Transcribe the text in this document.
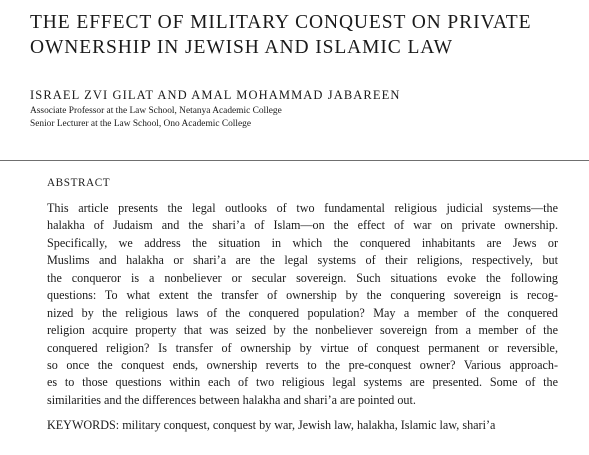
THE EFFECT OF MILITARY CONQUEST ON PRIVATE
OWNERSHIP IN JEWISH AND ISLAMIC LAW
ISRAEL ZVI GILAT AND AMAL MOHAMMAD JABAREEN
Associate Professor at the Law School, Netanya Academic College
Senior Lecturer at the Law School, Ono Academic College
ABSTRACT
This article presents the legal outlooks of two fundamental religious judicial systems—the
halakha of Judaism and the shari’a of Islam—on the effect of war on private ownership.
Specifically, we address the situation in which the conquered inhabitants are Jews or
Muslims and halakha or shari’a are the legal systems of their religions, respectively, but
the conqueror is a nonbeliever or secular sovereign. Such situations evoke the following
questions: To what extent the transfer of ownership by the conquering sovereign is recog-
nized by the religious laws of the conquered population? May a member of the conquered
religion acquire property that was seized by the nonbeliever sovereign from a member of the
conquered religion? Is transfer of ownership by virtue of conquest permanent or reversible,
so once the conquest ends, ownership reverts to the pre-conquest owner? Various approach-
es to those questions within each of two religious legal systems are presented. Some of the
similarities and the differences between halakha and shari’a are pointed out.
KEYWORDS: military conquest, conquest by war, Jewish law, halakha, Islamic law, shari’a
